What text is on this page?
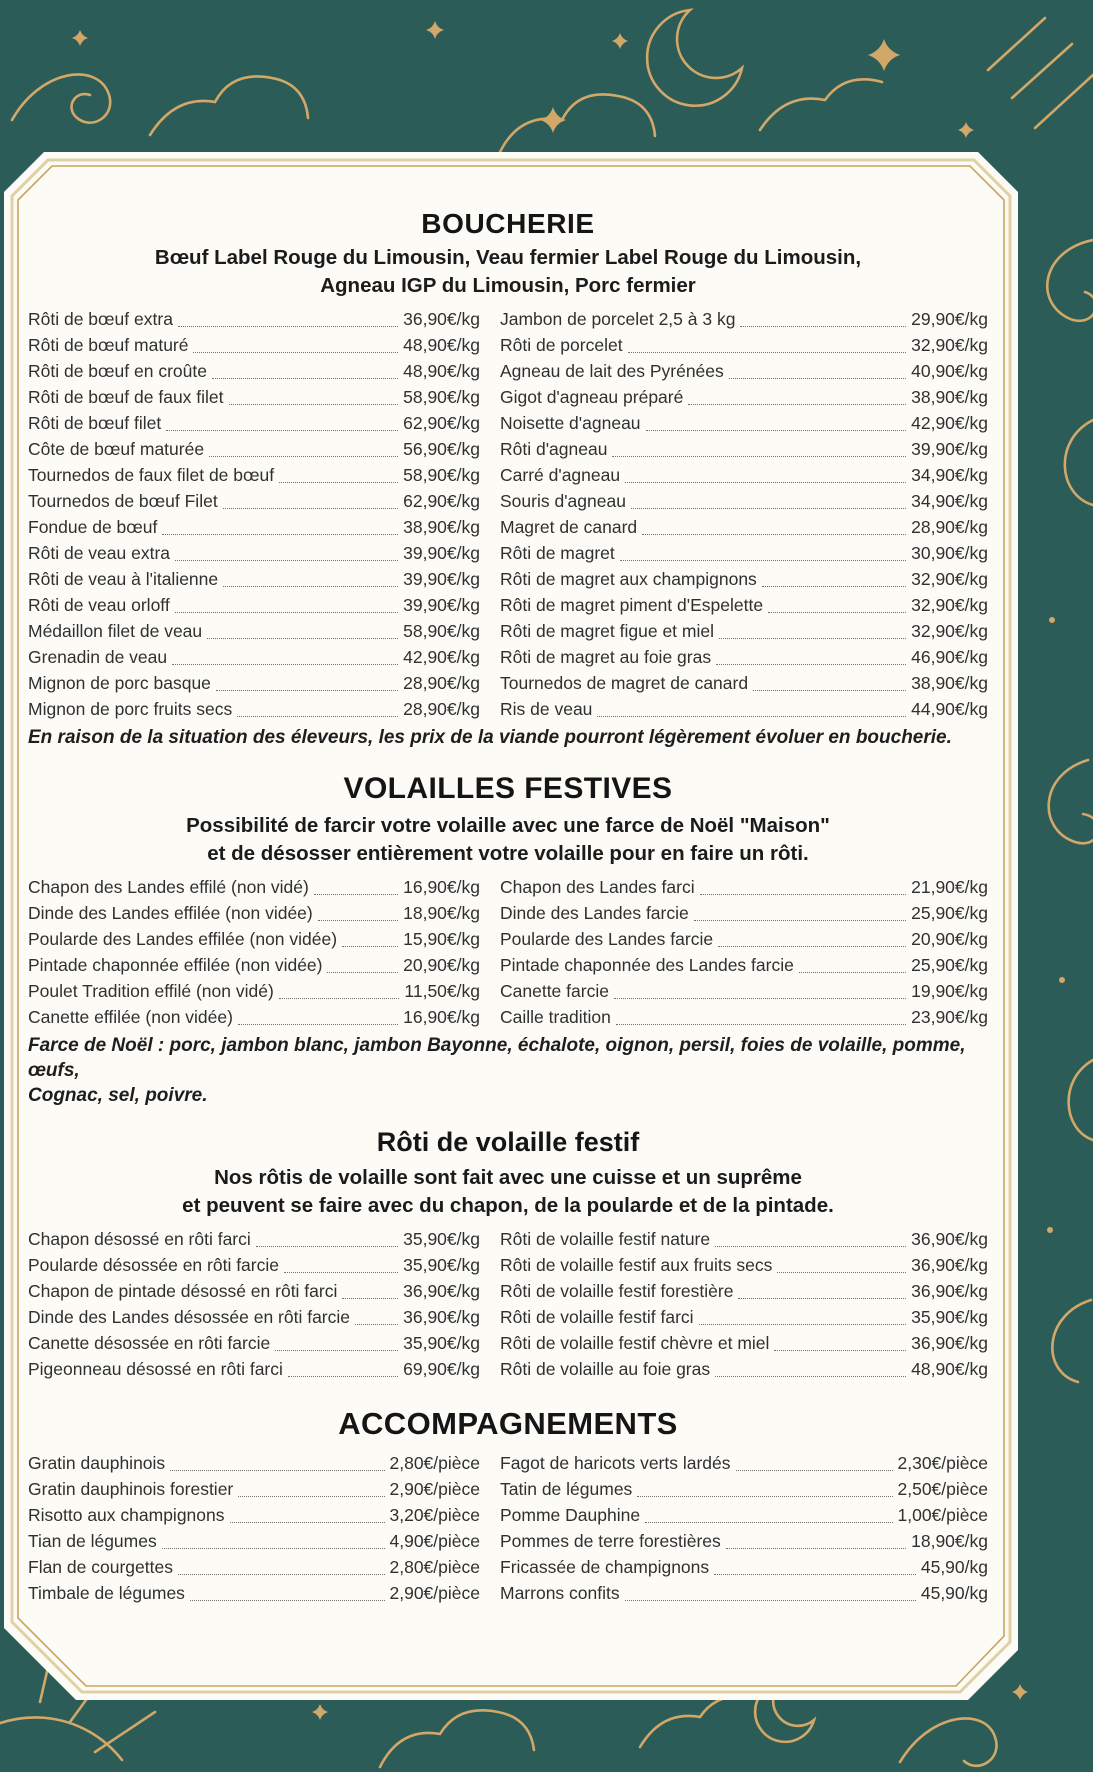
BOUCHERIE
Bœuf Label Rouge du Limousin, Veau fermier Label Rouge du Limousin,
Agneau IGP du Limousin, Porc fermier
Rôti de bœuf extra	36,90€/kg
Rôti de bœuf maturé	48,90€/kg
Rôti de bœuf en croûte	48,90€/kg
Rôti de bœuf de faux filet	58,90€/kg
Rôti de bœuf filet	62,90€/kg
Côte de bœuf maturée	56,90€/kg
Tournedos de faux filet de bœuf	58,90€/kg
Tournedos de bœuf Filet	62,90€/kg
Fondue de bœuf	38,90€/kg
Rôti de veau extra	39,90€/kg
Rôti de veau à l'italienne	39,90€/kg
Rôti de veau orloff	39,90€/kg
Médaillon filet de veau	58,90€/kg
Grenadin de veau	42,90€/kg
Mignon de porc basque	28,90€/kg
Mignon de porc fruits secs	28,90€/kg
Jambon de porcelet 2,5 à 3 kg	29,90€/kg
Rôti de porcelet	32,90€/kg
Agneau de lait des Pyrénées	40,90€/kg
Gigot d'agneau préparé	38,90€/kg
Noisette d'agneau	42,90€/kg
Rôti d'agneau	39,90€/kg
Carré d'agneau	34,90€/kg
Souris d'agneau	34,90€/kg
Magret de canard	28,90€/kg
Rôti de magret	30,90€/kg
Rôti de magret aux champignons	32,90€/kg
Rôti de magret piment d'Espelette	32,90€/kg
Rôti de magret figue et miel	32,90€/kg
Rôti de magret au foie gras	46,90€/kg
Tournedos de magret de canard	38,90€/kg
Ris de veau	44,90€/kg
En raison de la situation des éleveurs, les prix de la viande pourront légèrement évoluer en boucherie.
VOLAILLES FESTIVES
Possibilité de farcir votre volaille avec une farce de Noël "Maison"
et de désosser entièrement votre volaille pour en faire un rôti.
Chapon des Landes effilé (non vidé)	16,90€/kg
Dinde des Landes effilée (non vidée)	18,90€/kg
Poularde des Landes effilée (non vidée)	15,90€/kg
Pintade chaponnée effilée (non vidée)	20,90€/kg
Poulet Tradition effilé (non vidé)	11,50€/kg
Canette effilée (non vidée)	16,90€/kg
Chapon des Landes farci	21,90€/kg
Dinde des Landes farcie	25,90€/kg
Poularde des Landes farcie	20,90€/kg
Pintade chaponnée des Landes farcie	25,90€/kg
Canette farcie	19,90€/kg
Caille tradition	23,90€/kg
Farce de Noël : porc, jambon blanc, jambon Bayonne, échalote, oignon, persil, foies de volaille, pomme, œufs,
Cognac, sel, poivre.
Rôti de volaille festif
Nos rôtis de volaille sont fait avec une cuisse et un suprême
et peuvent se faire avec du chapon, de la poularde et de la pintade.
Chapon désossé en rôti farci	35,90€/kg
Poularde désossée en rôti farcie	35,90€/kg
Chapon de pintade désossé en rôti farci	36,90€/kg
Dinde des Landes désossée en rôti farcie	36,90€/kg
Canette désossée en rôti farcie	35,90€/kg
Pigeonneau désossé en rôti farci	69,90€/kg
Rôti de volaille festif nature	36,90€/kg
Rôti de volaille festif aux fruits secs	36,90€/kg
Rôti de volaille festif forestière	36,90€/kg
Rôti de volaille festif farci	35,90€/kg
Rôti de volaille festif chèvre et miel	36,90€/kg
Rôti de volaille au foie gras	48,90€/kg
ACCOMPAGNEMENTS
Gratin dauphinois	2,80€/pièce
Gratin dauphinois forestier	2,90€/pièce
Risotto aux champignons	3,20€/pièce
Tian de légumes	4,90€/pièce
Flan de courgettes	2,80€/pièce
Timbale de légumes	2,90€/pièce
Fagot de haricots verts lardés	2,30€/pièce
Tatin de légumes	2,50€/pièce
Pomme Dauphine	1,00€/pièce
Pommes de terre forestières	18,90€/kg
Fricassée de champignons	45,90/kg
Marrons confits	45,90/kg
